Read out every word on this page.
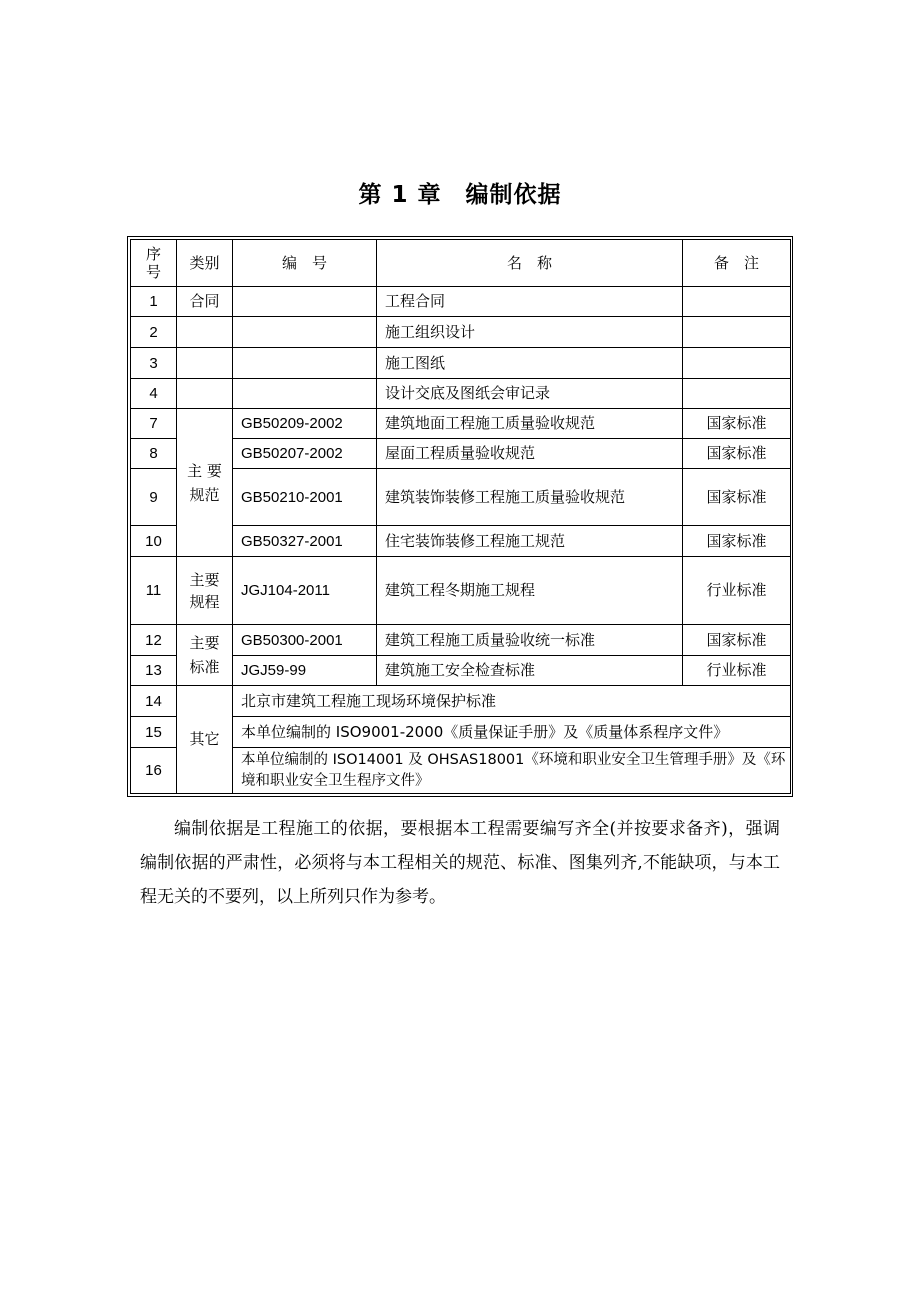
第 1 章　编制依据
序号	类别	编　号	名　称	备　注
1	合同		工程合同	
2			施工组织设计	
3			施工图纸	
4			设计交底及图纸会审记录	
7	主 要规范	GB50209-2002	建筑地面工程施工质量验收规范	国家标准
8		GB50207-2002	屋面工程质量验收规范	国家标准
9		GB50210-2001	建筑装饰装修工程施工质量验收规范	国家标准
10		GB50327-2001	住宅装饰装修工程施工规范	国家标准
11	主要规程	JGJ104-2011	建筑工程冬期施工规程	行业标准
12	主要标准	GB50300-2001	建筑工程施工质量验收统一标准	国家标准
13		JGJ59-99	建筑施工安全检查标准	行业标准
14	其它	北京市建筑工程施工现场环境保护标准		
15		本单位编制的 ISO9001-2000《质量保证手册》及《质量体系程序文件》		
16		本单位编制的 ISO14001 及 OHSAS18001《环境和职业安全卫生管理手册》及《环境和职业安全卫生程序文件》		

编制依据是工程施工的依据，要根据本工程需要编写齐全(并按要求备齐)，强调编制依据的严肃性，必须将与本工程相关的规范、标准、图集列齐,不能缺项，与本工程无关的不要列，以上所列只作为参考。
